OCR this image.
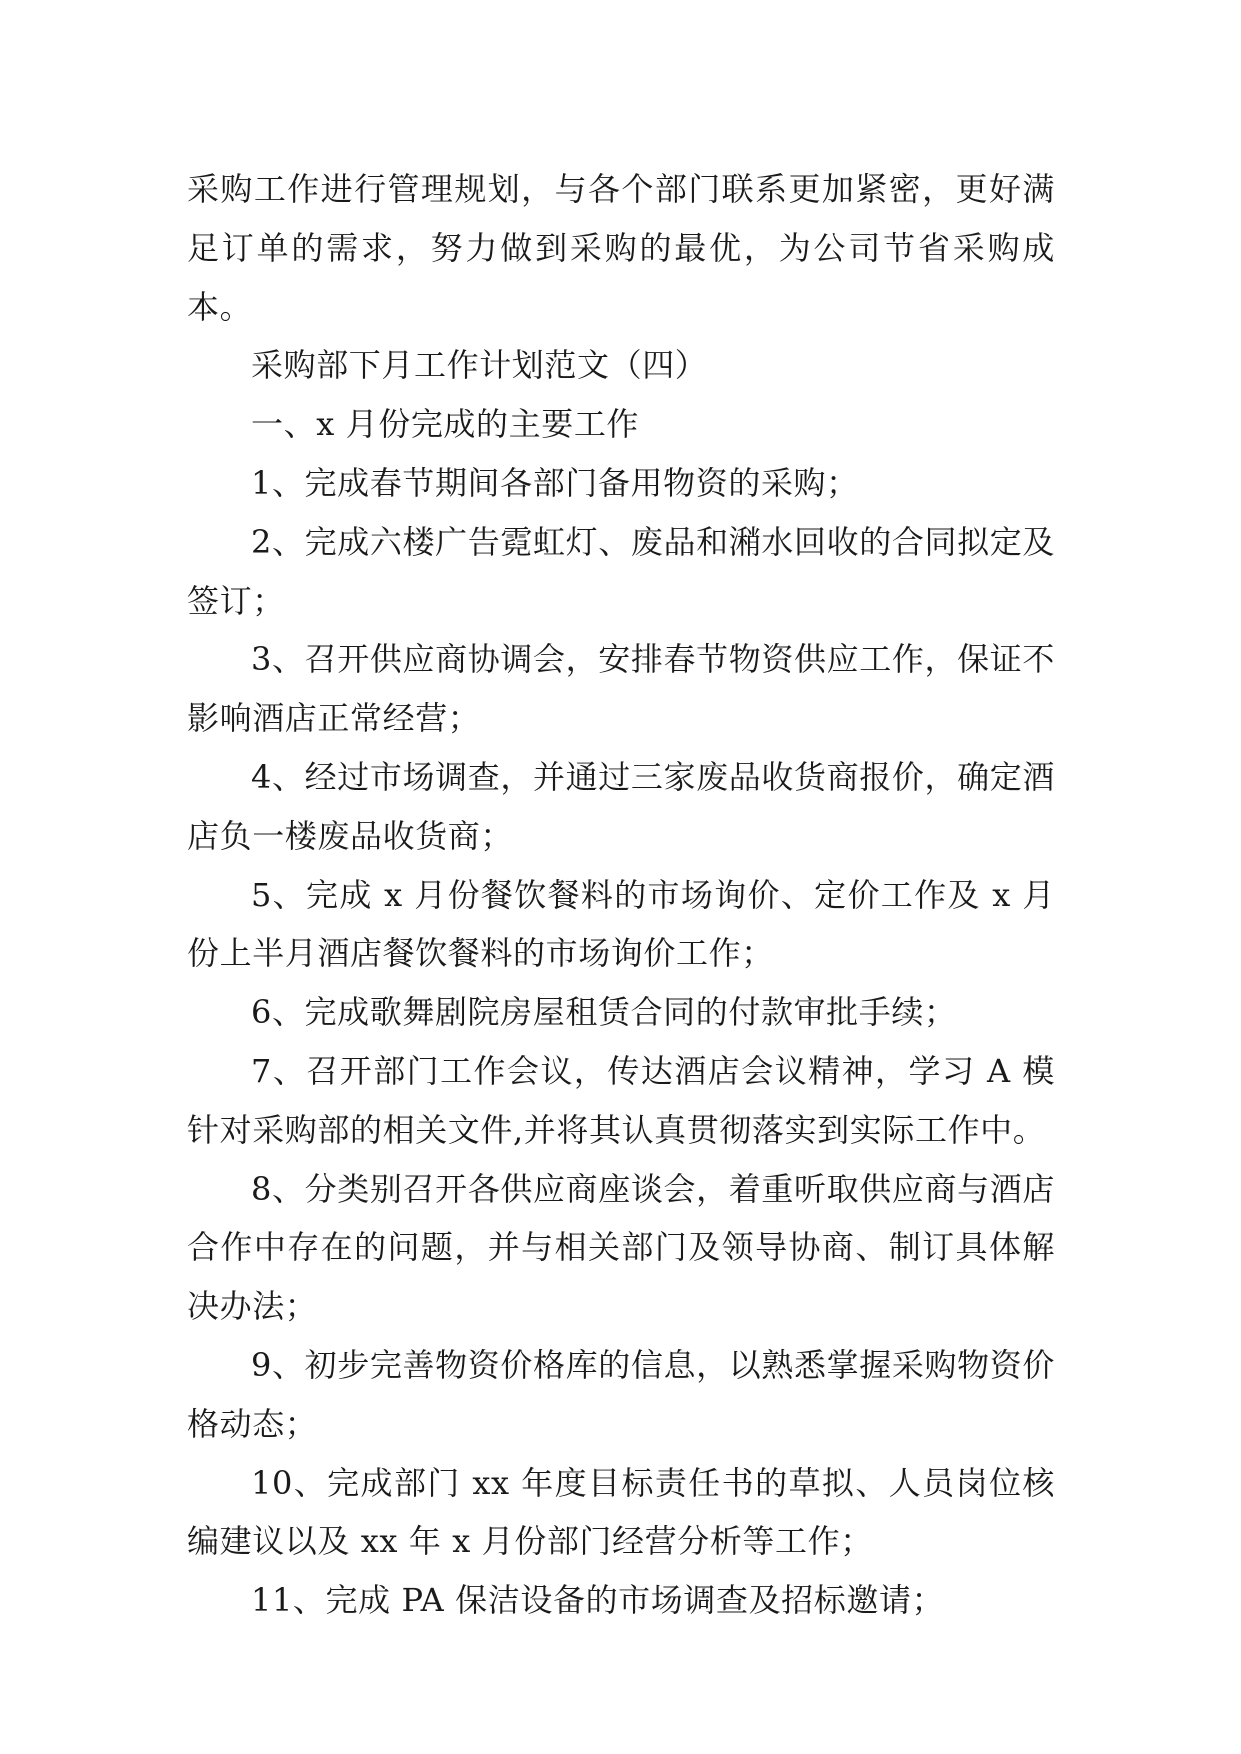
采购工作进行管理规划，与各个部门联系更加紧密，更好满足订单的需求，努力做到采购的最优，为公司节省采购成本。

采购部下月工作计划范文（四）

一、x 月份完成的主要工作

1、完成春节期间各部门备用物资的采购；

2、完成六楼广告霓虹灯、废品和潲水回收的合同拟定及签订；

3、召开供应商协调会，安排春节物资供应工作，保证不影响酒店正常经营；

4、经过市场调查，并通过三家废品收货商报价，确定酒店负一楼废品收货商；

5、完成 x 月份餐饮餐料的市场询价、定价工作及 x 月份上半月酒店餐饮餐料的市场询价工作；

6、完成歌舞剧院房屋租赁合同的付款审批手续；

7、召开部门工作会议，传达酒店会议精神，学习 A 模针对采购部的相关文件,并将其认真贯彻落实到实际工作中。

8、分类别召开各供应商座谈会，着重听取供应商与酒店合作中存在的问题，并与相关部门及领导协商、制订具体解决办法；

9、初步完善物资价格库的信息，以熟悉掌握采购物资价格动态；

10、完成部门 xx 年度目标责任书的草拟、人员岗位核编建议以及 xx 年 x 月份部门经营分析等工作；

11、完成 PA 保洁设备的市场调查及招标邀请；
